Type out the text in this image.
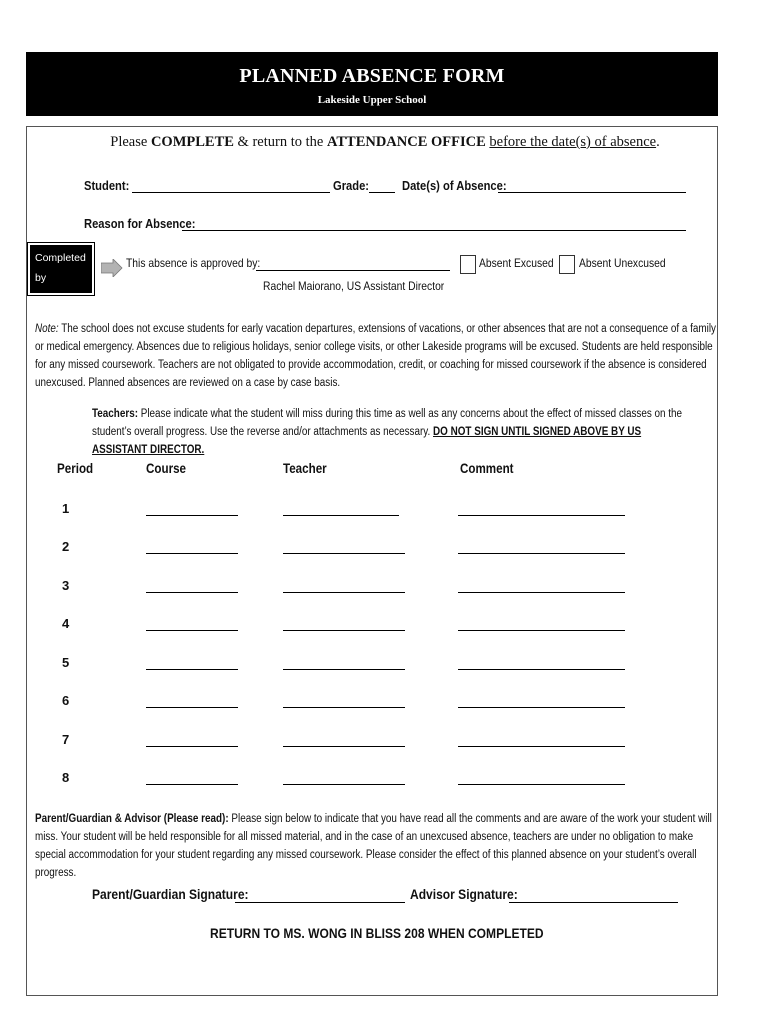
PLANNED ABSENCE FORM
Lakeside Upper School
Please COMPLETE & return to the ATTENDANCE OFFICE before the date(s) of absence.
Student:	Grade:	Date(s) of Absence:
Reason for Absence:
Completed by
US Director
This absence is approved by:
Rachel Maiorano, US Assistant Director
Absent Excused Absent Unexcused
Note: The school does not excuse students for early vacation departures, extensions of vacations, or other absences that are not a consequence of a family or medical emergency. Absences due to religious holidays, senior college visits, or other Lakeside programs will be excused. Students are held responsible for any missed coursework. Teachers are not obligated to provide accommodation, credit, or coaching for missed coursework if the absence is considered unexcused. Planned absences are reviewed on a case by case basis.
Teachers: Please indicate what the student will miss during this time as well as any concerns about the effect of missed classes on the student’s overall progress. Use the reverse and/or attachments as necessary. DO NOT SIGN UNTIL SIGNED ABOVE BY US ASSISTANT DIRECTOR.
Period	Course	Teacher	Comment
1
2
3
4
5
6
7
8
Parent/Guardian & Advisor (Please read): Please sign below to indicate that you have read all the comments and are aware of the work your student will miss. Your student will be held responsible for all missed material, and in the case of an unexcused absence, teachers are under no obligation to make special accommodation for your student regarding any missed coursework. Please consider the effect of this planned absence on your student’s overall progress.
Parent/Guardian Signature:	Advisor Signature:
RETURN TO MS. WONG IN BLISS 208 WHEN COMPLETED
